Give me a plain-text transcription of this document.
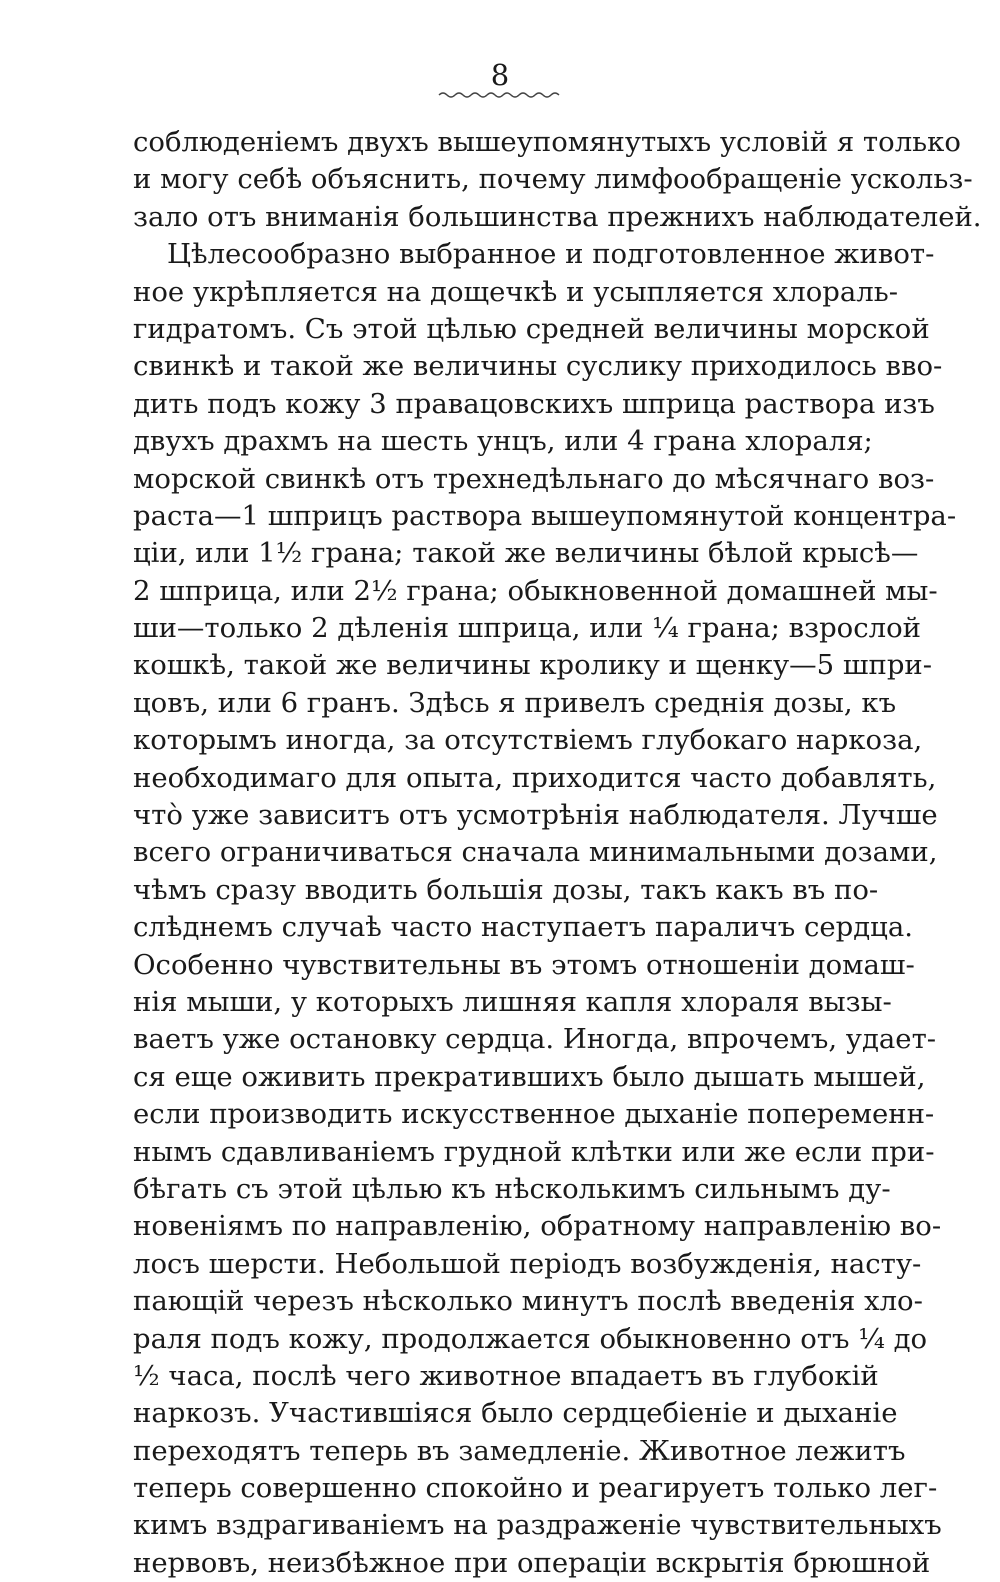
8
соблюденіемъ двухъ вышеупомянутыхъ условій я только
и могу себѣ объяснить, почему лимфообращеніе ускольз-
зало отъ вниманія большинства прежнихъ наблюдателей.
Цѣлесообразно выбранное и подготовленное живот-
ное укрѣпляется на дощечкѣ и усыпляется хлораль-
гидратомъ. Съ этой цѣлью средней величины морской
свинкѣ и такой же величины суслику приходилось вво-
дить подъ кожу 3 правацовскихъ шприца раствора изъ
двухъ драхмъ на шесть унцъ, или 4 грана хлораля;
морской свинкѣ отъ трехнедѣльнаго до мѣсячнаго воз-
раста—1 шприцъ раствора вышеупомянутой концентра-
ціи, или 1½ грана; такой же величины бѣлой крысѣ—
2 шприца, или 2½ грана; обыкновенной домашней мы-
ши—только 2 дѣленія шприца, или ¼ грана; взрослой
кошкѣ, такой же величины кролику и щенку—5 шпри-
цовъ, или 6 гранъ. Здѣсь я привелъ среднія дозы, къ
которымъ иногда, за отсутствіемъ глубокаго наркоза,
необходимаго для опыта, приходится часто добавлять,
что̀ уже зависитъ отъ усмотрѣнія наблюдателя. Лучше
всего ограничиваться сначала минимальными дозами,
чѣмъ сразу вводить большія дозы, такъ какъ въ по-
слѣднемъ случаѣ часто наступаетъ параличъ сердца.
Особенно чувствительны въ этомъ отношеніи домаш-
нія мыши, у которыхъ лишняя капля хлораля вызы-
ваетъ уже остановку сердца. Иногда, впрочемъ, удает-
ся еще оживить прекратившихъ было дышать мышей,
если производить искусственное дыханіе попеременн-
нымъ сдавливаніемъ грудной клѣтки или же если при-
бѣгать съ этой цѣлью къ нѣсколькимъ сильнымъ ду-
новеніямъ по направленію, обратному направленію во-
лосъ шерсти. Небольшой періодъ возбужденія, насту-
пающій черезъ нѣсколько минутъ послѣ введенія хло-
раля подъ кожу, продолжается обыкновенно отъ ¼ до
½ часа, послѣ чего животное впадаетъ въ глубокій
наркозъ. Участившіяся было сердцебіеніе и дыханіе
переходятъ теперь въ замедленіе. Животное лежитъ
теперь совершенно спокойно и реагируетъ только лег-
кимъ вздрагиваніемъ на раздраженіе чувствительныхъ
нервовъ, неизбѣжное при операціи вскрытія брюшной
